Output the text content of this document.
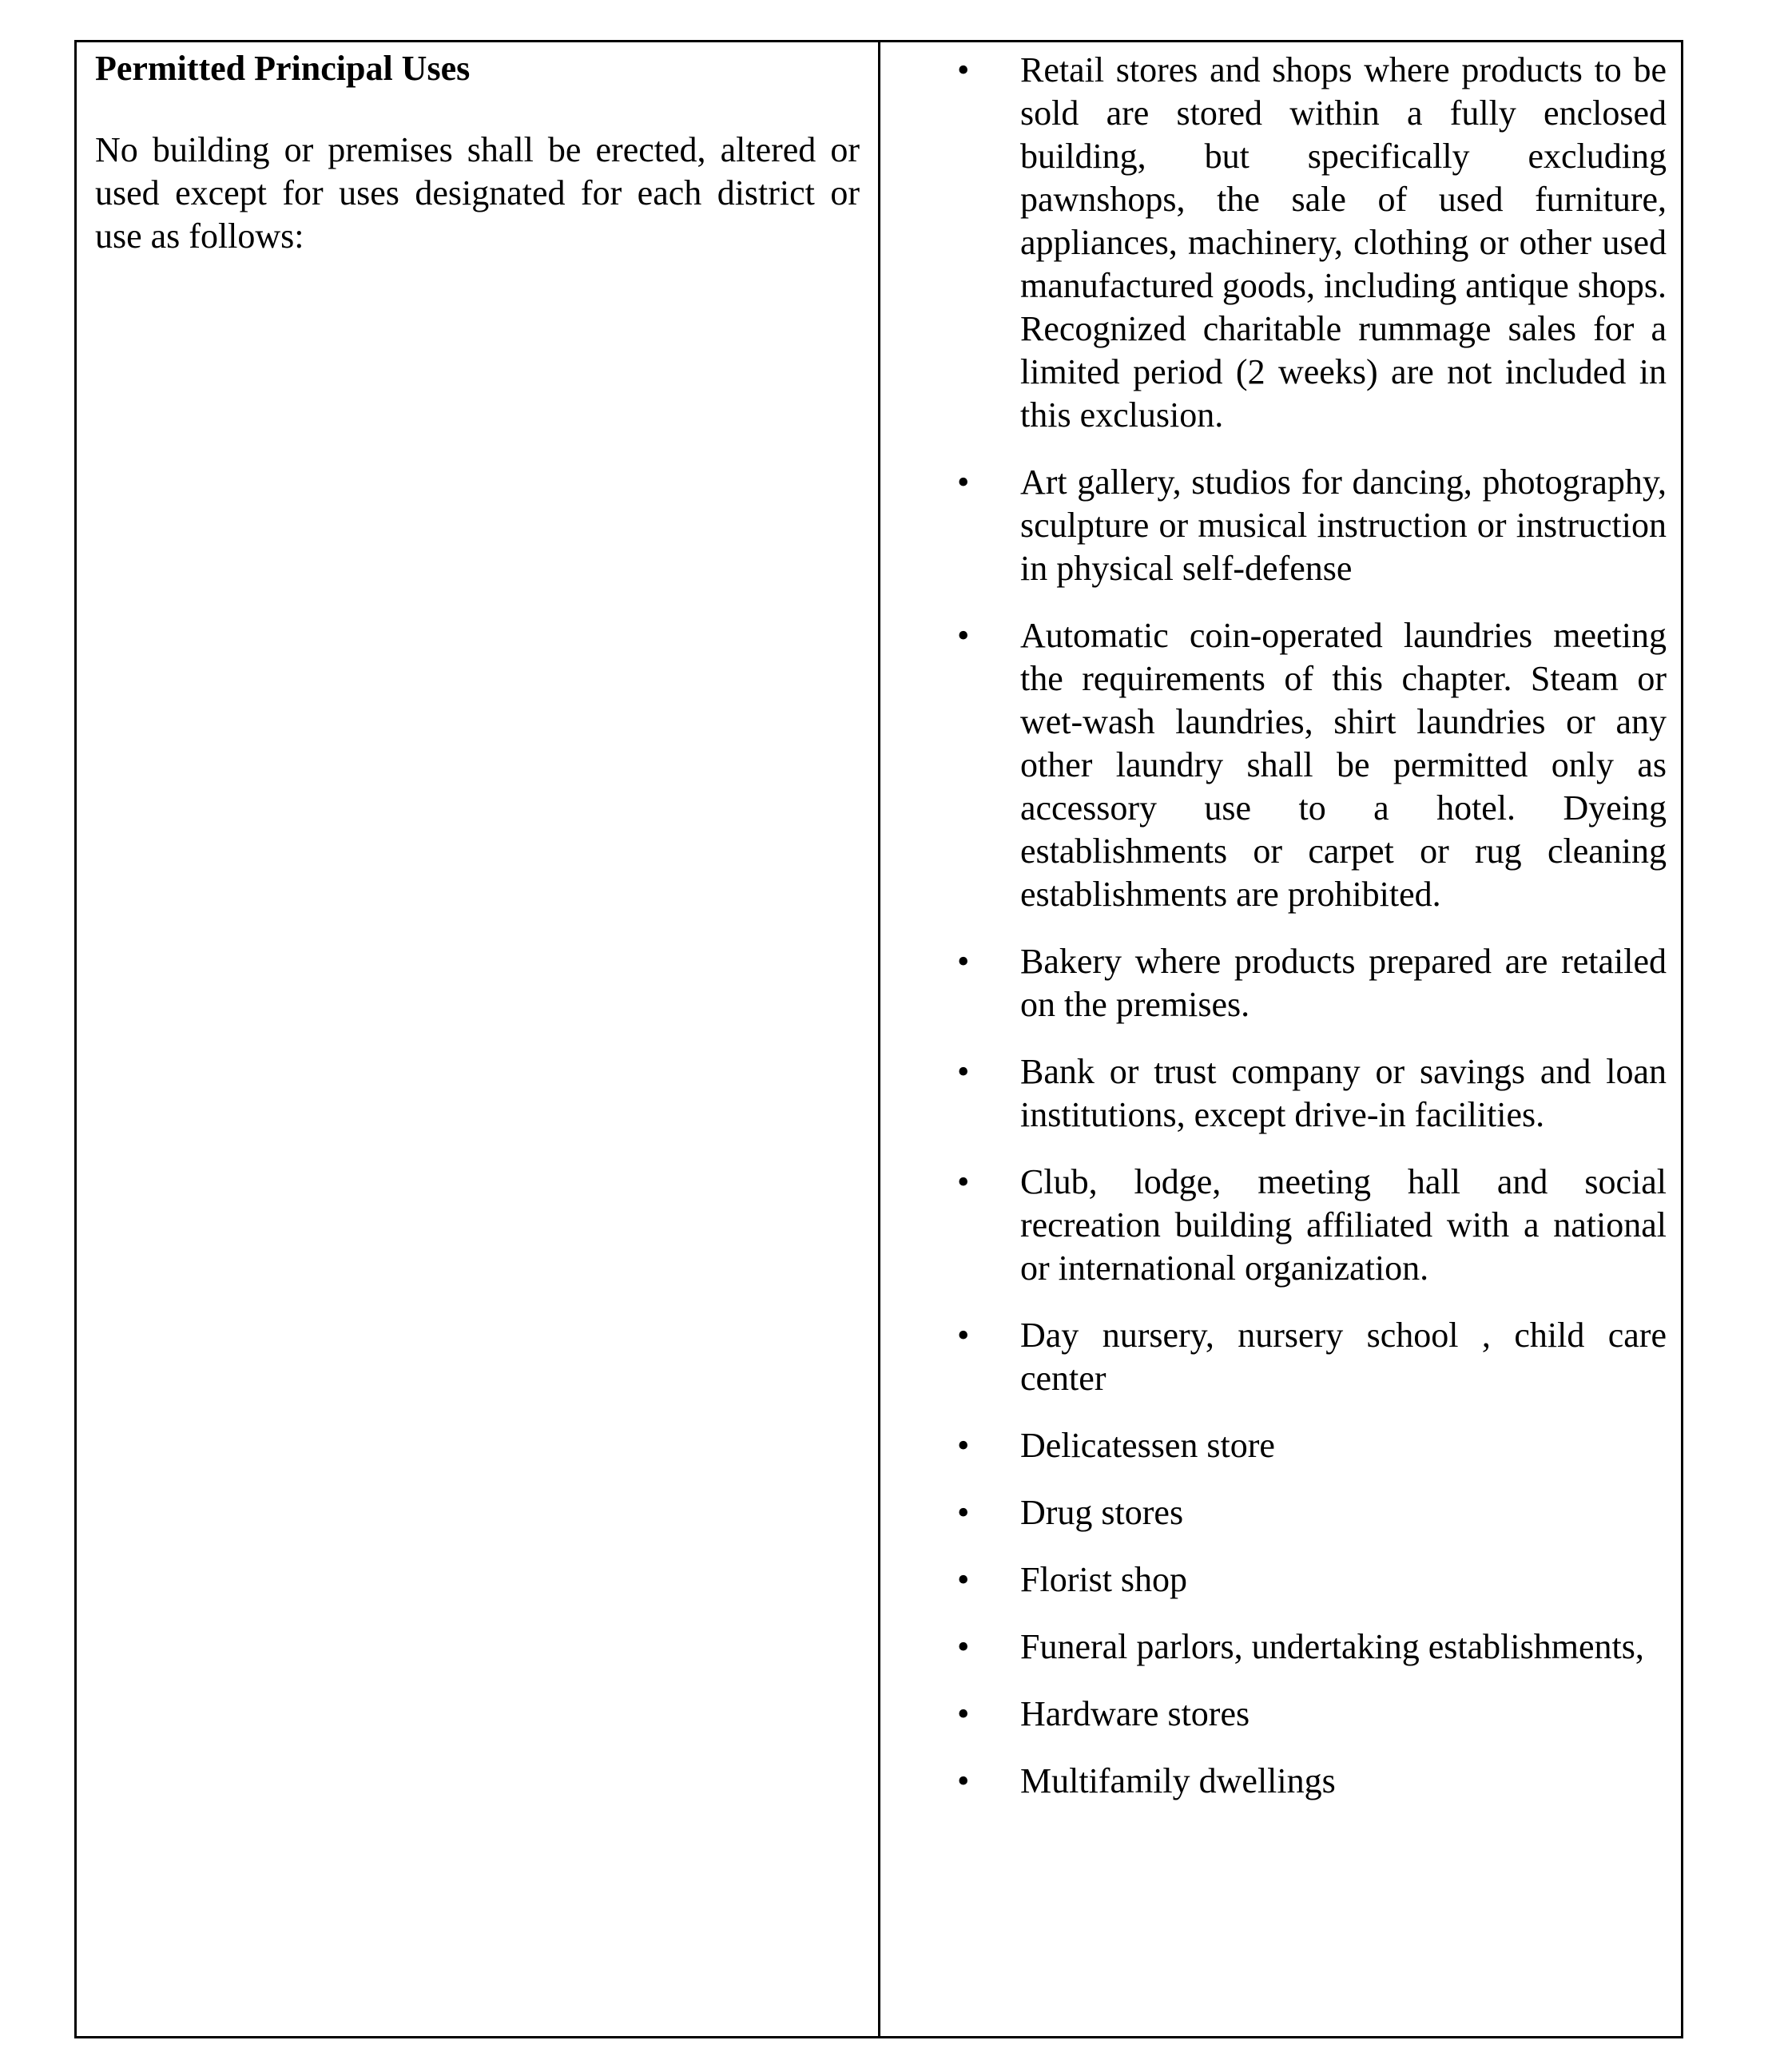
Permitted Principal Uses

No building or premises shall be erected, altered or used except for uses designated for each district or use as follows:

• Retail stores and shops where products to be sold are stored within a fully enclosed building, but specifically excluding pawnshops, the sale of used furniture, appliances, machinery, clothing or other used manufactured goods, including antique shops. Recognized charitable rummage sales for a limited period (2 weeks) are not included in this exclusion.
• Art gallery, studios for dancing, photography, sculpture or musical instruction or instruction in physical self-defense
• Automatic coin-operated laundries meeting the requirements of this chapter. Steam or wet-wash laundries, shirt laundries or any other laundry shall be permitted only as accessory use to a hotel. Dyeing establishments or carpet or rug cleaning establishments are prohibited.
• Bakery where products prepared are retailed on the premises.
• Bank or trust company or savings and loan institutions, except drive-in facilities.
• Club, lodge, meeting hall and social recreation building affiliated with a national or international organization.
• Day nursery, nursery school , child care center
• Delicatessen store
• Drug stores
• Florist shop
• Funeral parlors, undertaking establishments,
• Hardware stores
• Multifamily dwellings
